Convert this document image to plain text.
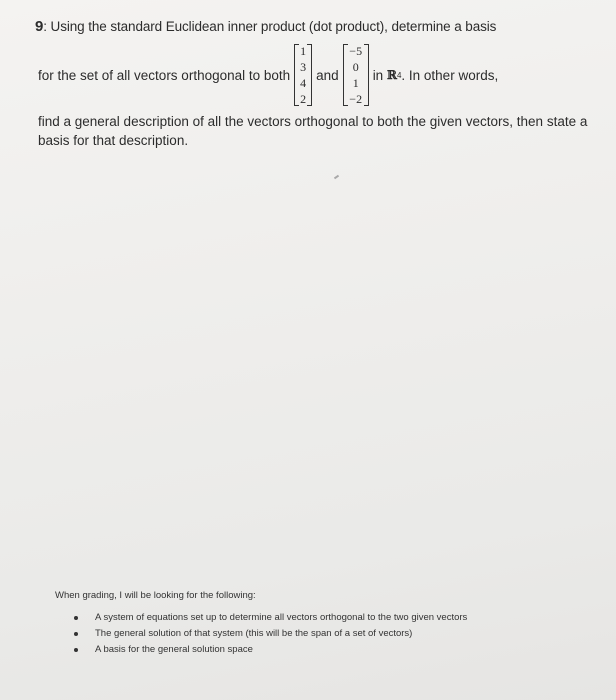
9: Using the standard Euclidean inner product (dot product), determine a basis
for the set of all vectors orthogonal to both
1
3
4
2
and
−5
0
1
−2
in
ℝ 4 . In other words,
find a general description of all the vectors orthogonal to both the given vectors, then state a basis for that description.

When grading, I will be looking for the following:

A system of equations set up to determine all vectors orthogonal to the two given vectors
The general solution of that system (this will be the span of a set of vectors)
A basis for the general solution space
